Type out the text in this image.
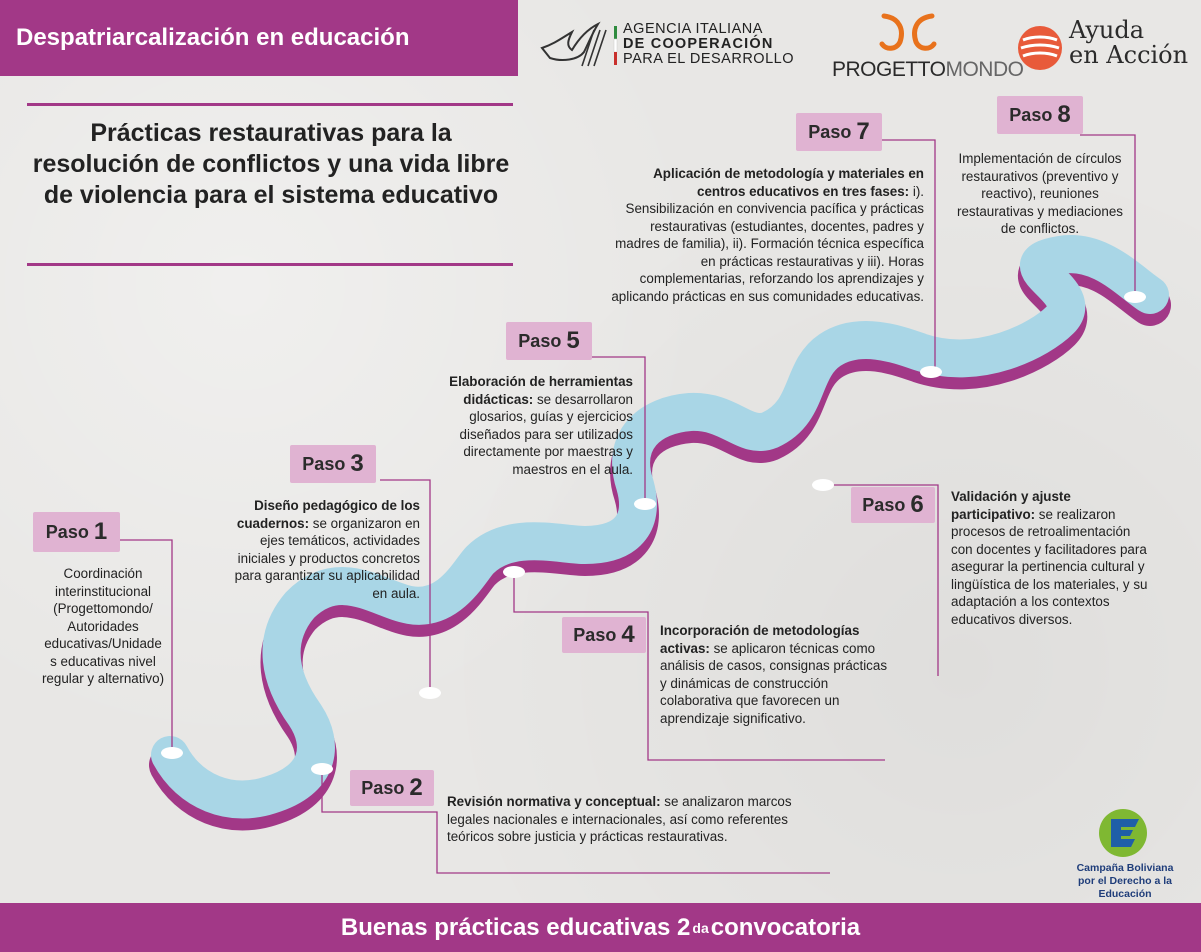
Despatriarcalización en educación	AGENCIA ITALIANA
DE COOPERACIÓN
PARA EL DESARROLLO PROGETTOMONDO
Ayuda
en Acción
Prácticas restaurativas para la resolución de conflictos y una vida libre de violencia para el sistema educativo
Paso 1
Paso 2
Paso 3
Paso 4
Paso 5
Paso 6
Paso 7
Paso 8
Coordinación interinstitucional (Progettomondo/ Autoridades educativas/Unidade s educativas nivel regular y alternativo)
Revisión normativa y conceptual: se analizaron marcos legales nacionales e internacionales, así como referentes teóricos sobre justicia y prácticas restaurativas.
Diseño pedagógico de los cuadernos: se organizaron en ejes temáticos, actividades iniciales y productos concretos para garantizar su aplicabilidad en aula.
Incorporación de metodologías activas: se aplicaron técnicas como análisis de casos, consignas prácticas y dinámicas de construcción colaborativa que favorecen un aprendizaje significativo.
Elaboración de herramientas didácticas: se desarrollaron glosarios, guías y ejercicios diseñados para ser utilizados directamente por maestras y maestros en el aula.
Validación y ajuste participativo: se realizaron procesos de retroalimentación con docentes y facilitadores para asegurar la pertinencia cultural y lingüística de los materiales, y su adaptación a los contextos educativos diversos.
Aplicación de metodología y materiales en centros educativos en tres fases: i). Sensibilización en convivencia pacífica y prácticas restaurativas (estudiantes, docentes, padres y madres de familia), ii). Formación técnica específica en prácticas restaurativas y iii). Horas complementarias, reforzando los aprendizajes y aplicando prácticas en sus comunidades educativas.
Implementación de círculos restaurativos (preventivo y reactivo), reuniones restaurativas y mediaciones de conflictos.
Campaña Boliviana
por el Derecho a la Educación
Buenas prácticas educativas 2 da convocatoria
